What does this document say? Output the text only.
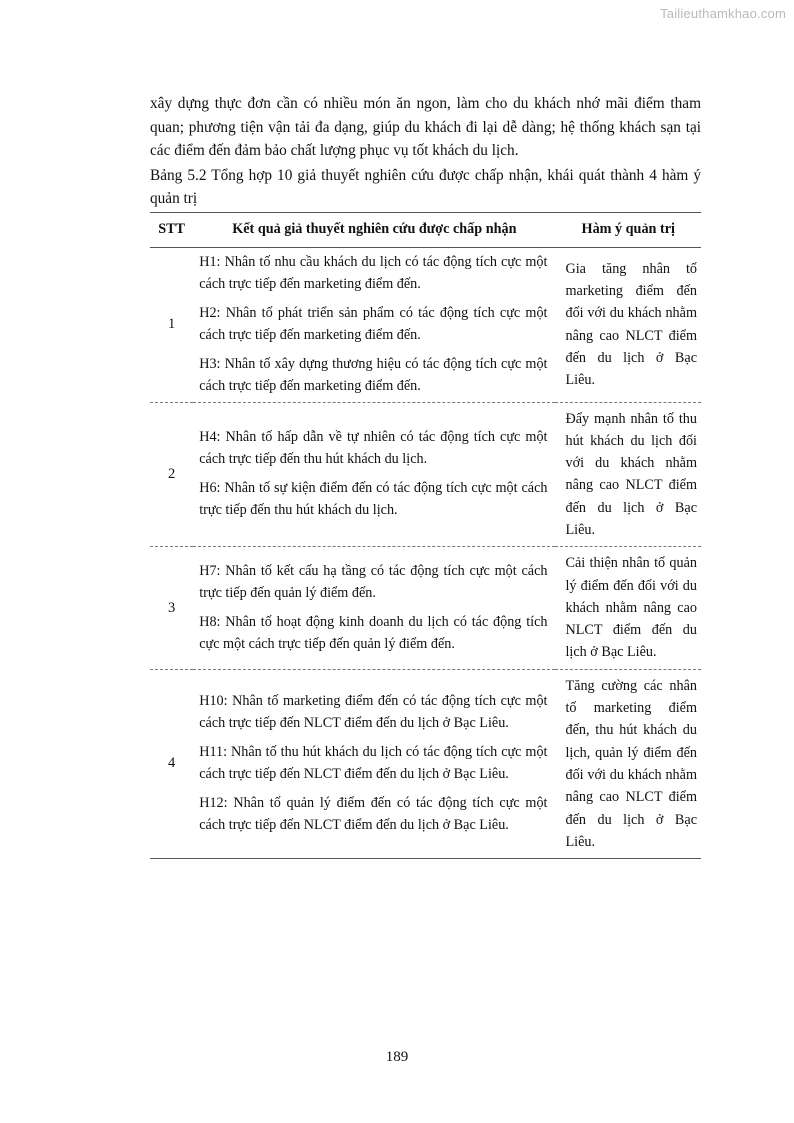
Tailieuthamkhao.com

xây dựng thực đơn cần có nhiều món ăn ngon, làm cho du khách nhớ mãi điểm tham quan; phương tiện vận tải đa dạng, giúp du khách đi lại dễ dàng; hệ thống khách sạn tại các điểm đến đảm bảo chất lượng phục vụ tốt khách du lịch.

Bảng 5.2 Tổng hợp 10 giả thuyết nghiên cứu được chấp nhận, khái quát thành 4 hàm ý quản trị

STT	Kết quả giả thuyết nghiên cứu được chấp nhận	Hàm ý quản trị
1	H1: Nhân tố nhu cầu khách du lịch có tác động tích cực một cách trực tiếp đến marketing điểm đến.

H2: Nhân tố phát triển sản phẩm có tác động tích cực một cách trực tiếp đến marketing điểm đến.

H3: Nhân tố xây dựng thương hiệu có tác động tích cực một cách trực tiếp đến marketing điểm đến.	Gia tăng nhân tố marketing điểm đến đối với du khách nhằm nâng cao NLCT điểm đến du lịch ở Bạc Liêu.

2	H4: Nhân tố hấp dẫn về tự nhiên có tác động tích cực một cách trực tiếp đến thu hút khách du lịch.

H6: Nhân tố sự kiện điểm đến có tác động tích cực một cách trực tiếp đến thu hút khách du lịch.	Đẩy mạnh nhân tố thu hút khách du lịch đối với du khách nhằm nâng cao NLCT điểm đến du lịch ở Bạc Liêu.

3	H7: Nhân tố kết cấu hạ tầng có tác động tích cực một cách trực tiếp đến quản lý điểm đến.

H8: Nhân tố hoạt động kinh doanh du lịch có tác động tích cực một cách trực tiếp đến quản lý điểm đến.	Cải thiện nhân tố quản lý điểm đến đối với du khách nhằm nâng cao NLCT điểm đến du lịch ở Bạc Liêu.

4	H10: Nhân tố marketing điểm đến có tác động tích cực một cách trực tiếp đến NLCT điểm đến du lịch ở Bạc Liêu.

H11: Nhân tố thu hút khách du lịch có tác động tích cực một cách trực tiếp đến NLCT điểm đến du lịch ở Bạc Liêu.

H12: Nhân tố quản lý điểm đến có tác động tích cực một cách trực tiếp đến NLCT điểm đến du lịch ở Bạc Liêu.	Tăng cường các nhân tố marketing điểm đến, thu hút khách du lịch, quản lý điểm đến đối với du khách nhằm nâng cao NLCT điểm đến du lịch ở Bạc Liêu.

189
